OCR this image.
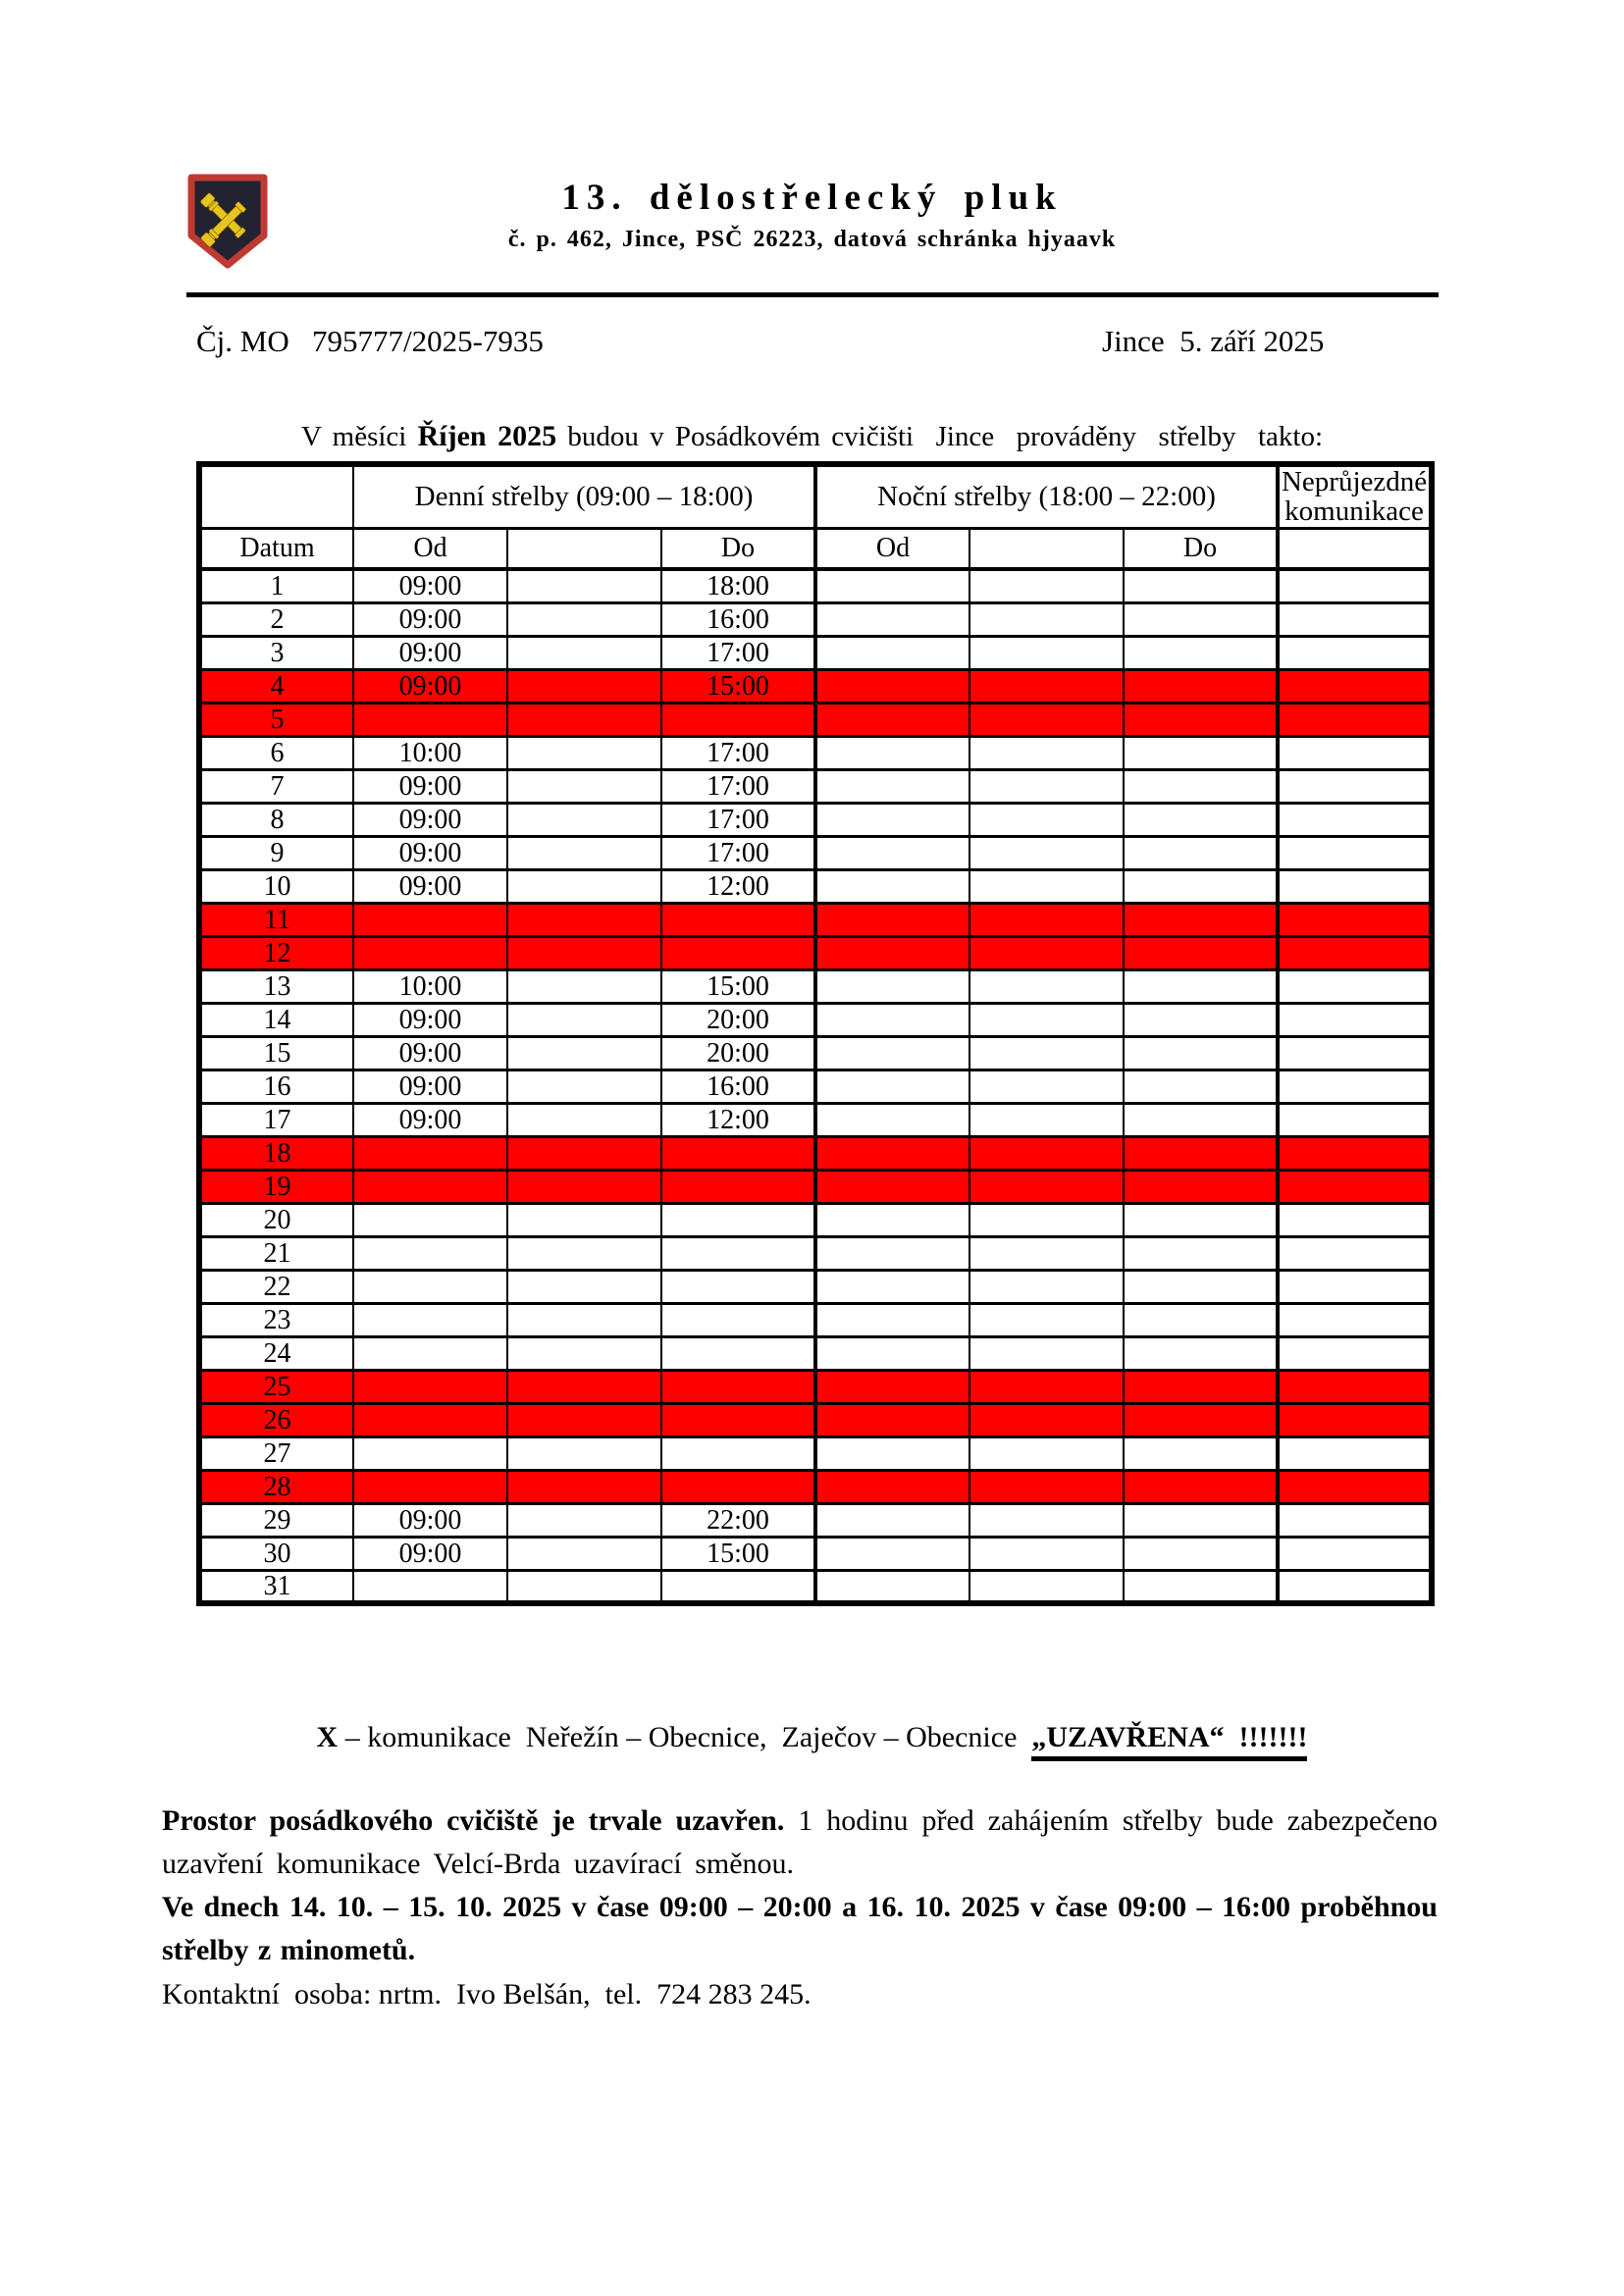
13. dělostřelecký pluk
č. p. 462, Jince, PSČ 26223, datová schránka hjyaavk
Čj. MO   795777/2025-7935	Jince  5. září 2025
V měsíci Říjen 2025 budou v Posádkovém cvičišti  Jince  prováděny  střelby  takto:
	Denní střelby (09:00 – 18:00)			Noční střelby (18:00 – 22:00)			Neprůjezdné
komunikace

Datum	Od		Do	Od		Do	
1	09:00		18:00				
2	09:00		16:00				
3	09:00		17:00				
4	09:00		15:00				
5							
6	10:00		17:00				
7	09:00		17:00				
8	09:00		17:00				
9	09:00		17:00				
10	09:00		12:00				
11							
12							
13	10:00		15:00				
14	09:00		20:00				
15	09:00		20:00				
16	09:00		16:00				
17	09:00		12:00				
18							
19							
20							
21							
22							
23							
24							
25							
26							
27							
28							
29	09:00		22:00				
30	09:00		15:00				
31							
X – komunikace  Neřežín – Obecnice,  Zaječov – Obecnice  „UZAVŘENA“  !!!!!!!

Prostor posádkového cvičiště je trvale uzavřen. 1 hodinu před zahájením střelby bude zabezpečeno uzavření komunikace Velcí-Brda uzavírací směnou.

Ve dnech 14. 10. – 15. 10. 2025 v čase 09:00 – 20:00 a 16. 10. 2025 v čase 09:00 – 16:00 proběhnou střelby z minometů.

Kontaktní  osoba: nrtm.  Ivo Belšán,  tel.  724 283 245.
